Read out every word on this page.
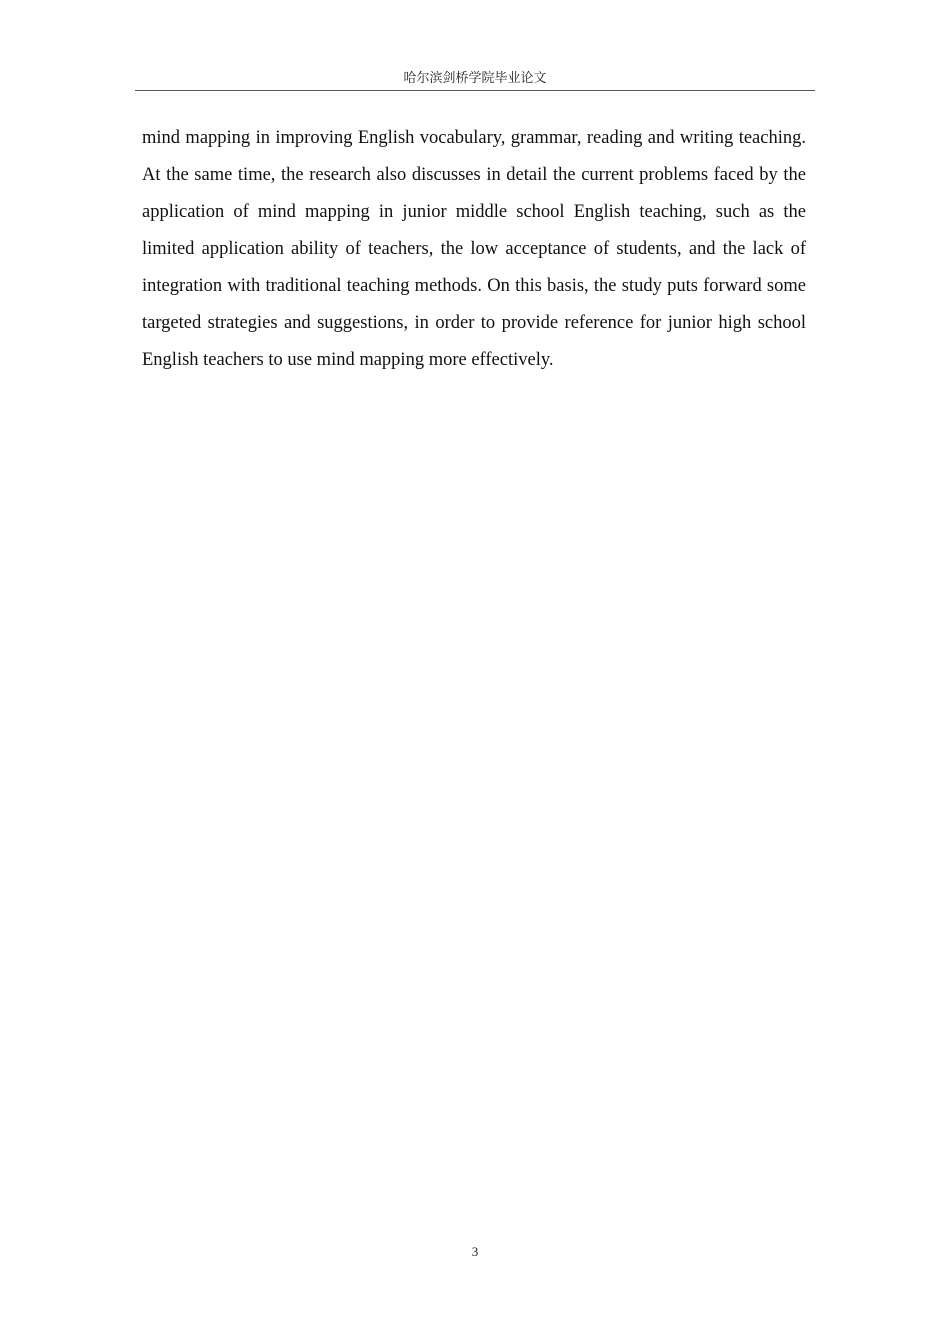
哈尔滨剑桥学院毕业论文

mind mapping in improving English vocabulary, grammar, reading and writing teaching. At the same time, the research also discusses in detail the current problems faced by the application of mind mapping in junior middle school English teaching, such as the limited application ability of teachers, the low acceptance of students, and the lack of integration with traditional teaching methods. On this basis, the study puts forward some targeted strategies and suggestions, in order to provide reference for junior high school English teachers to use mind mapping more effectively.

3
